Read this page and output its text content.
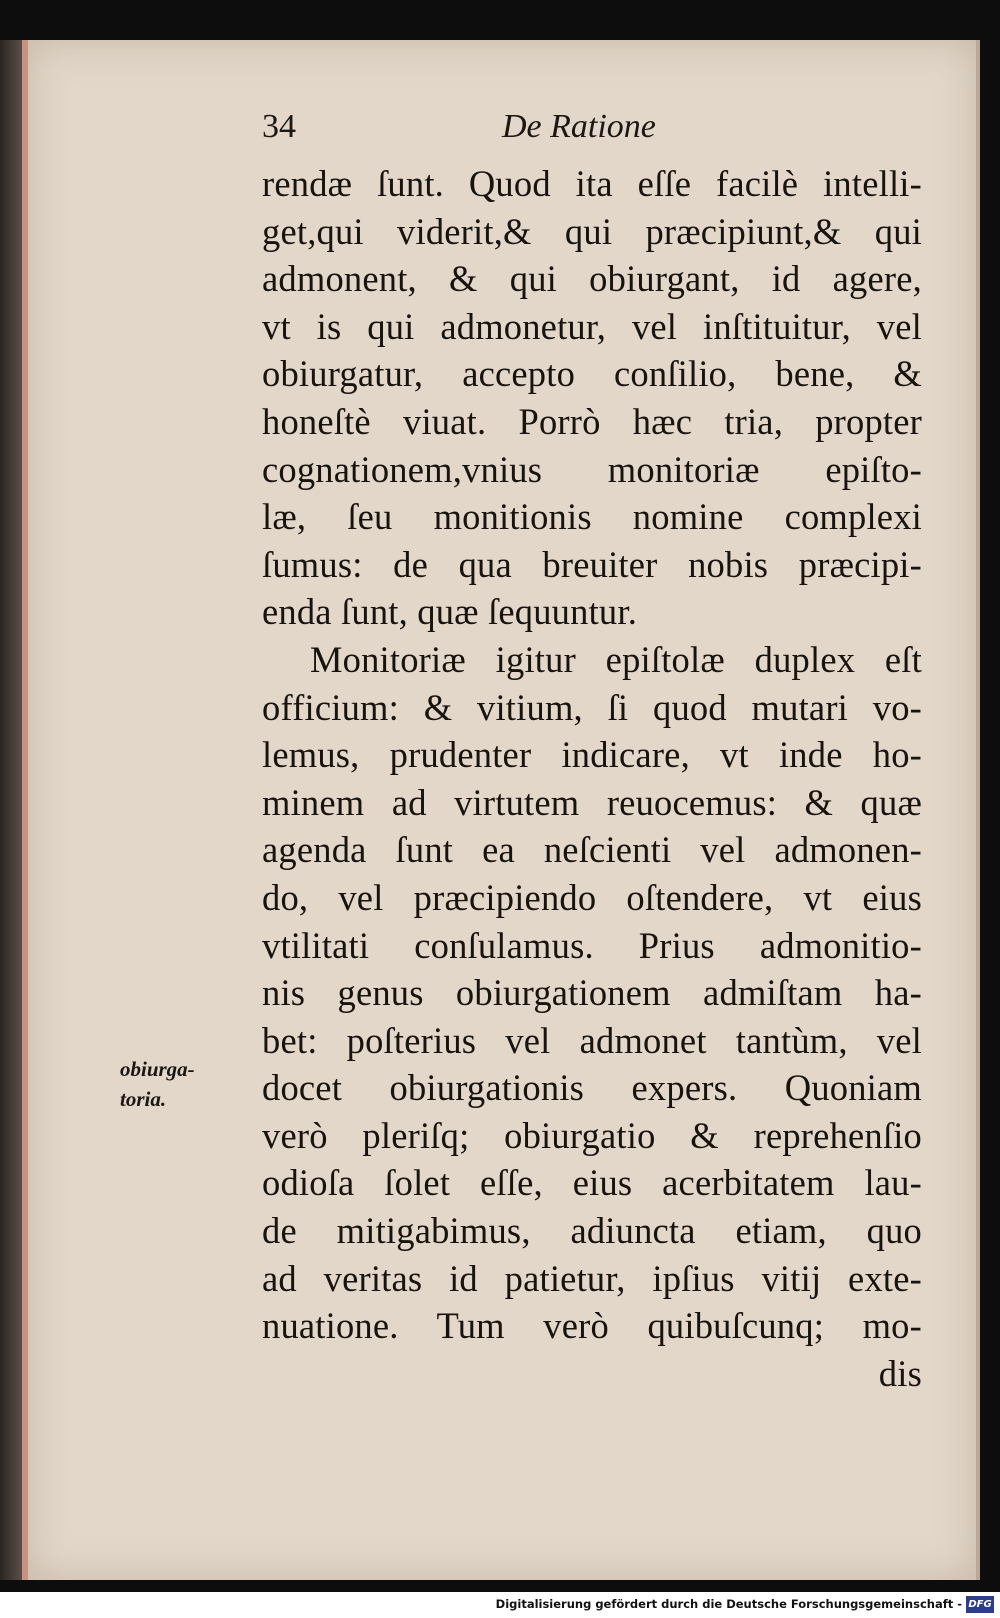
34	De Ratione
obiurga-
toria.
rendæ ſunt. Quod ita eſſe facilè intelli-
get,qui viderit,& qui præcipiunt,& qui
admonent, & qui obiurgant, id agere,
vt is qui admonetur, vel inſtituitur, vel
obiurgatur, accepto conſilio, bene, &
honeſtè viuat. Porrò hæc tria, propter
cognationem,vnius monitoriæ epiſto-
læ, ſeu monitionis nomine complexi
ſumus: de qua breuiter nobis præcipi-
enda ſunt, quæ ſequuntur.
Monitoriæ igitur epiſtolæ duplex eſt
officium: & vitium, ſi quod mutari vo-
lemus, prudenter indicare, vt inde ho-
minem ad virtutem reuocemus: & quæ
agenda ſunt ea neſcienti vel admonen-
do, vel præcipiendo oſtendere, vt eius
vtilitati conſulamus. Prius admonitio-
nis genus obiurgationem admiſtam ha-
bet: poſterius vel admonet tantùm, vel
docet obiurgationis expers. Quoniam
verò pleriſq; obiurgatio & reprehenſio
odioſa ſolet eſſe, eius acerbitatem lau-
de mitigabimus, adiuncta etiam, quo
ad veritas id patietur, ipſius vitij exte-
nuatione. Tum verò quibuſcunq; mo-
dis
Digitalisierung gefördert durch die Deutsche Forschungsgemeinschaft - DFG
